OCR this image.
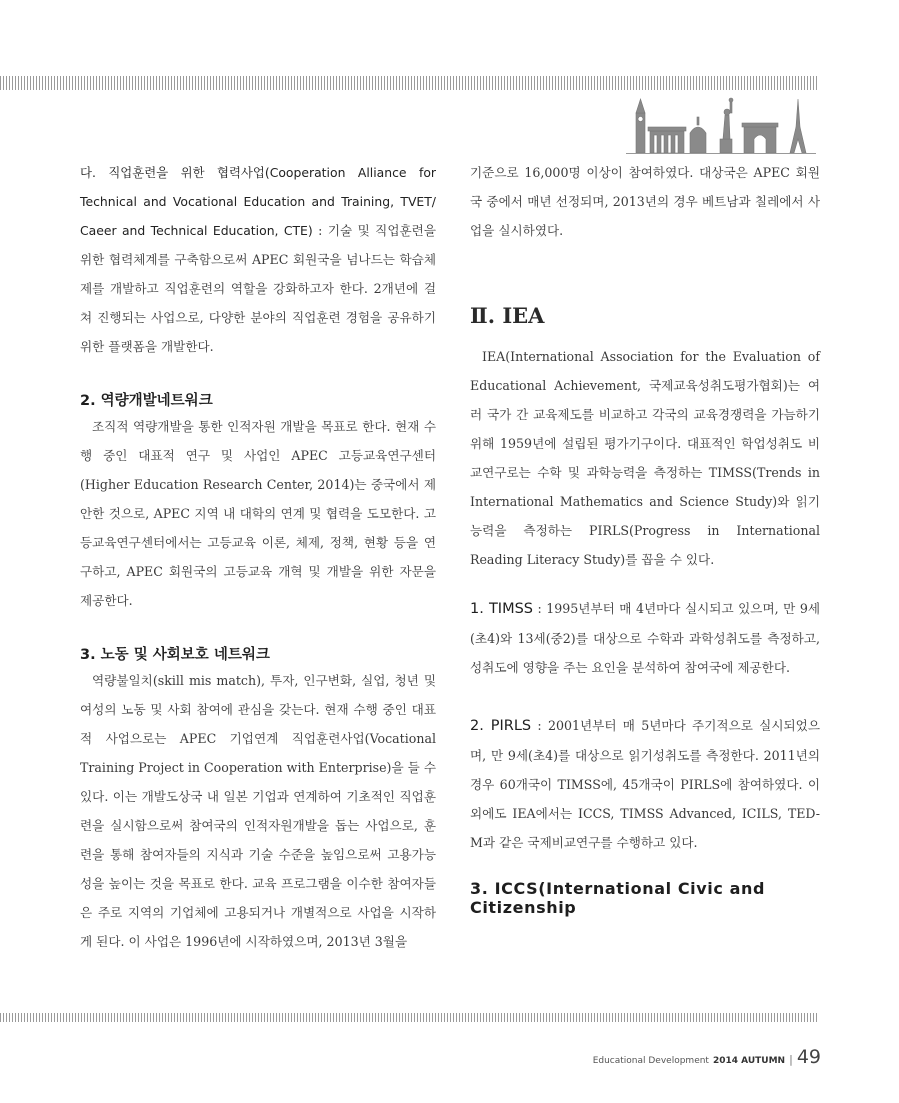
다. 직업훈련을 위한 협력사업(Cooperation Alliance for Technical and Vocational Education and Training, TVET/ Caeer and Technical Education, CTE) : 기술 및 직업훈련을 위한 협력체계를 구축함으로써 APEC 회원국을 넘나드는 학습체제를 개발하고 직업훈련의 역할을 강화하고자 한다. 2개년에 걸쳐 진행되는 사업으로, 다양한 분야의 직업훈련 경험을 공유하기 위한 플랫폼을 개발한다.

2. 역량개발네트워크

조직적 역량개발을 통한 인적자원 개발을 목표로 한다. 현재 수행 중인 대표적 연구 및 사업인 APEC 고등교육연구센터(Higher Education Research Center, 2014)는 중국에서 제안한 것으로, APEC 지역 내 대학의 연계 및 협력을 도모한다. 고등교육연구센터에서는 고등교육 이론, 체제, 정책, 현황 등을 연구하고, APEC 회원국의 고등교육 개혁 및 개발을 위한 자문을 제공한다.

3. 노동 및 사회보호 네트워크

역량불일치(skill mis match), 투자, 인구변화, 실업, 청년 및 여성의 노동 및 사회 참여에 관심을 갖는다. 현재 수행 중인 대표적 사업으로는 APEC 기업연계 직업훈련사업(Vocational Training Project in Cooperation with Enterprise)을 들 수 있다. 이는 개발도상국 내 일본 기업과 연계하여 기초적인 직업훈련을 실시함으로써 참여국의 인적자원개발을 돕는 사업으로, 훈련을 통해 참여자들의 지식과 기술 수준을 높임으로써 고용가능성을 높이는 것을 목표로 한다. 교육 프로그램을 이수한 참여자들은 주로 지역의 기업체에 고용되거나 개별적으로 사업을 시작하게 된다. 이 사업은 1996년에 시작하였으며, 2013년 3월을

기준으로 16,000명 이상이 참여하였다. 대상국은 APEC 회원국 중에서 매년 선정되며, 2013년의 경우 베트남과 칠레에서 사업을 실시하였다.

Ⅱ. IEA

IEA(International Association for the Evaluation of Educational Achievement, 국제교육성취도평가협회)는 여러 국가 간 교육제도를 비교하고 각국의 교육경쟁력을 가늠하기 위해 1959년에 설립된 평가기구이다. 대표적인 학업성취도 비교연구로는 수학 및 과학능력을 측정하는 TIMSS(Trends in International Mathematics and Science Study)와 읽기능력을 측정하는 PIRLS(Progress in International Reading Literacy Study)를 꼽을 수 있다.

1. TIMSS : 1995년부터 매 4년마다 실시되고 있으며, 만 9세(초4)와 13세(중2)를 대상으로 수학과 과학성취도를 측정하고, 성취도에 영향을 주는 요인을 분석하여 참여국에 제공한다.

2. PIRLS : 2001년부터 매 5년마다 주기적으로 실시되었으며, 만 9세(초4)를 대상으로 읽기성취도를 측정한다. 2011년의 경우 60개국이 TIMSS에, 45개국이 PIRLS에 참여하였다. 이외에도 IEA에서는 ICCS, TIMSS Advanced, ICILS, TED-M과 같은 국제비교연구를 수행하고 있다.

3. ICCS(International Civic and Citizenship
Educational Development 2014 AUTUMN | 49
